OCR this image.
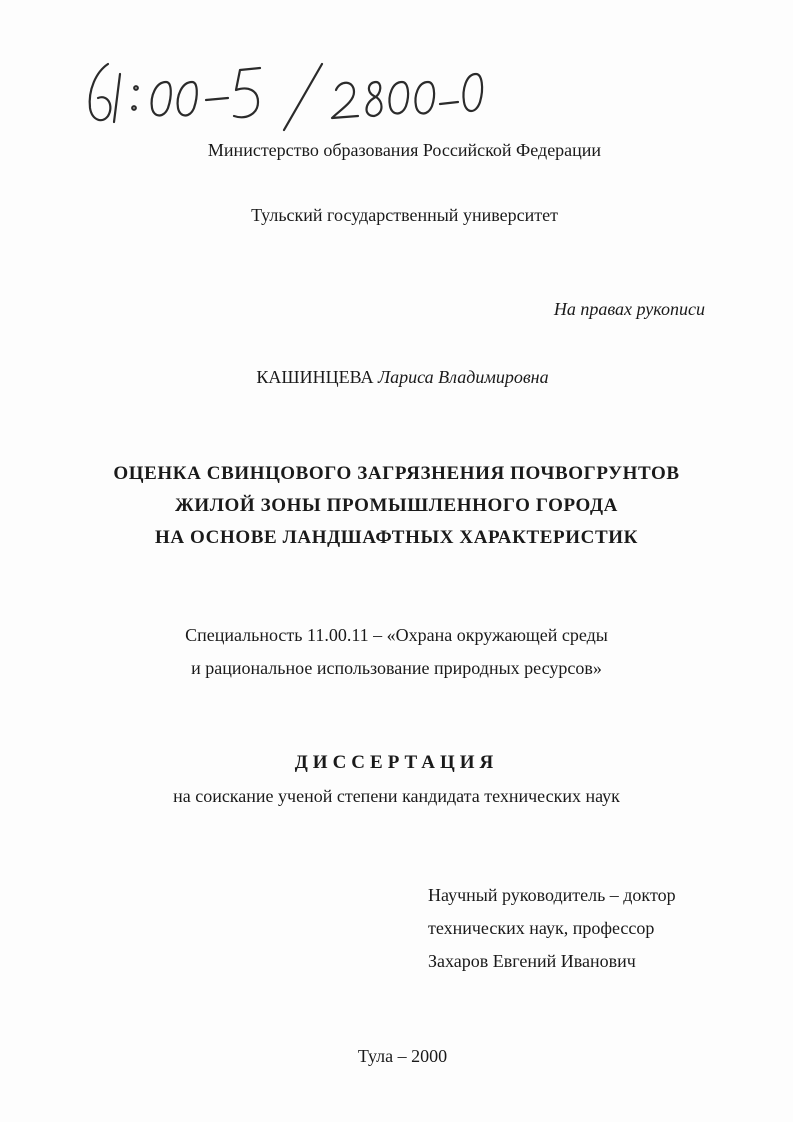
Министерство образования Российской Федерации
Тульский государственный университет
На правах рукописи
КАШИНЦЕВА Лариса Владимировна
ОЦЕНКА СВИНЦОВОГО ЗАГРЯЗНЕНИЯ ПОЧВОГРУНТОВ
ЖИЛОЙ ЗОНЫ ПРОМЫШЛЕННОГО ГОРОДА
НА ОСНОВЕ ЛАНДШАФТНЫХ ХАРАКТЕРИСТИК
Специальность 11.00.11 – «Охрана окружающей среды
и рациональное использование природных ресурсов»
ДИССЕРТАЦИЯ
на соискание ученой степени кандидата технических наук
Научный руководитель – доктор
технических наук, профессор
Захаров Евгений Иванович
Тула – 2000
